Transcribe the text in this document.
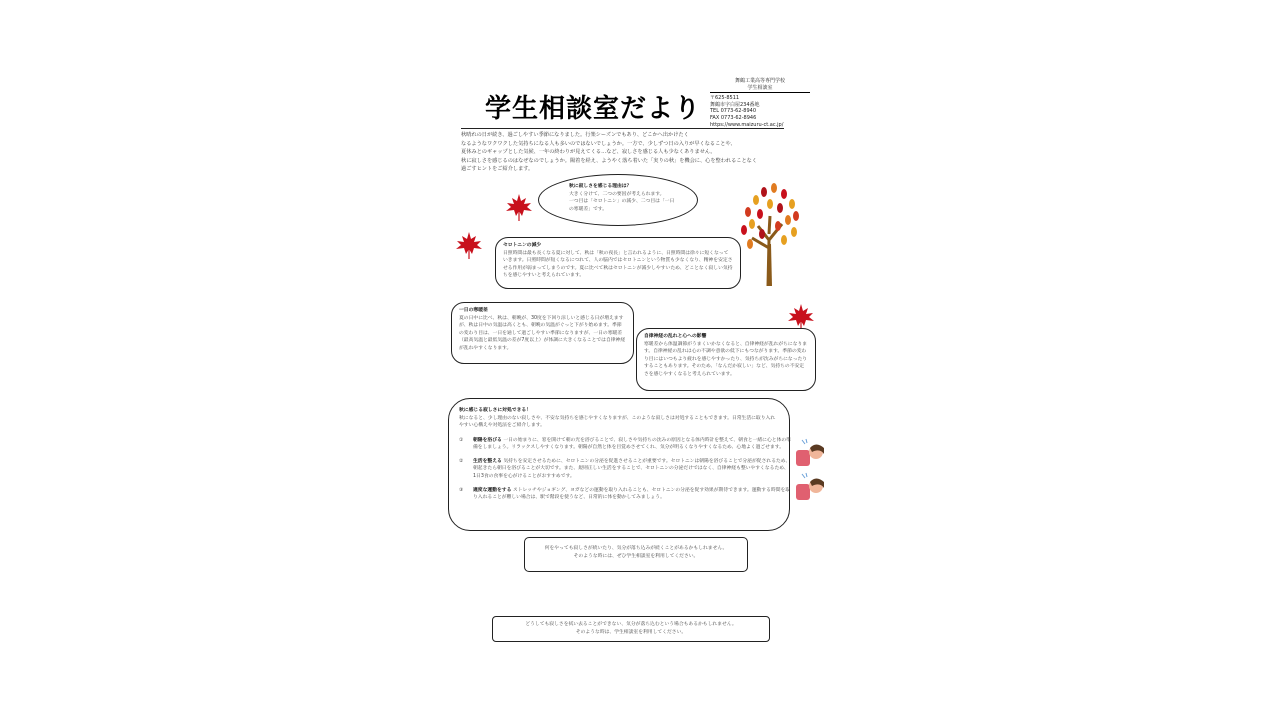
学生相談室だより
舞鶴工業高等専門学校
学生相談室
〒625-8511
舞鶴市字白屋234番地
TEL 0773-62-8940
FAX 0773-62-8946
https://www.maizuru-ct.ac.jp/
秋晴れの日が続き、過ごしやすい季節になりました。行楽シーズンでもあり、どこかへ出かけたく
なるようなワクワクした気持ちになる人も多いのではないでしょうか。一方で、少しずつ日の入りが早くなることや、
夏休みとのギャップとした気候、一年の終わりが見えてくる…など、寂しさを感じる人も少なくありません。
秋に寂しさを感じるのはなぜなのでしょうか。陽着を経え、ようやく落ち着いた「実りの秋」を機会に、心を整われることなく
過ごすヒントをご紹介します。
秋に寂しさを感じる理由は？
大きく分けて、二つの要因が考えられます。
一つ目は「セロトニン」の減少、二つ目は「一日
の寒暖差」です。
セロトニンの減少
日照時間は最も長くなる夏に対して、秋は「秋の夜長」と言われるように、日照時間は徐々に短くなっていきます。日照時間が短くなるにつれて、人の脳内ではセロトニンという物質も少なくなり、精神を安定させる作用が弱まってしまうのです。夏に比べて秋はセロトニンが減少しやすいため、どことなく寂しい気持ちを感じやすいと考えられています。
一日の寒暖差
夏の日中に比べ、秋は、朝晩が、30度を下回り涼しいと感じる日が増えますが、秋は日中の気温は高くとも、朝晩の気温がぐっと下がり始めます。季節の変わり目は、一日を通して過ごしやすい季節になりますが、一日の寒暖差（最高気温と最低気温の差が7度以上）が体調に大きくなることでは自律神経が乱れやすくなります。
自律神経の乱れと心への影響
寒暖差から体温調節がうまくいかなくなると、自律神経が乱れがちになります。自律神経の乱れは心の不調や意欲の低下にもつながります。季節の変わり目にはいつもより疲れを感じやすかったり、気持ちが沈みがちになったりすることもあります。そのため、「なんだか寂しい」など、気持ちの不安定さを感じやすくなると考えられています。
秋に感じる寂しさに対処できる！
秋になると、少し理由のない寂しさや、不安な気持ちを感じやすくなりますが、このような寂しさは対処することもできます。日常生活に取り入れやすい心構えや対処法をご紹介します。
① 朝陽を浴びる 一日の始まりに、窓を開けて朝の光を浴びることで、寂しさや気持ちの沈みの原因となる体内時計を整えて、朝食と一緒に心と体の準備をしましょう。リラックスしやすくなります。朝陽が自然と体を目覚めさせてくれ、気分が明るくなりやすくなるため、心地よく過ごせます。
② 生活を整える 気持ちを安定させるために、セロトニンの分泌を促進させることが重要です。セロトニンは朝陽を浴びることで分泌が促されるため、朝起きたら朝日を浴びることが大切です。また、規則正しい生活をすることで、セロトニンの分泌だけではなく、自律神経も整いやすくなるため、1日3食の食事を心がけることがおすすめです。
③ 適度な運動をする ストレッチやジョギング、ヨガなどの運動を取り入れることも、セロトニンの分泌を促す効果が期待できます。運動する時間を取り入れることが難しい場合は、駅で階段を使うなど、日常的に体を動かしてみましょう。
何をやっても寂しさが続いたり、気分が落ち込みが続くことがあるかもしれません。
そのような時には、ぜひ学生相談室を利用してください。
どうしても寂しさを拭い去ることができない、気分が落ち込むという場合もあるかもしれません。
そのような時は、学生相談室を利用してください。
